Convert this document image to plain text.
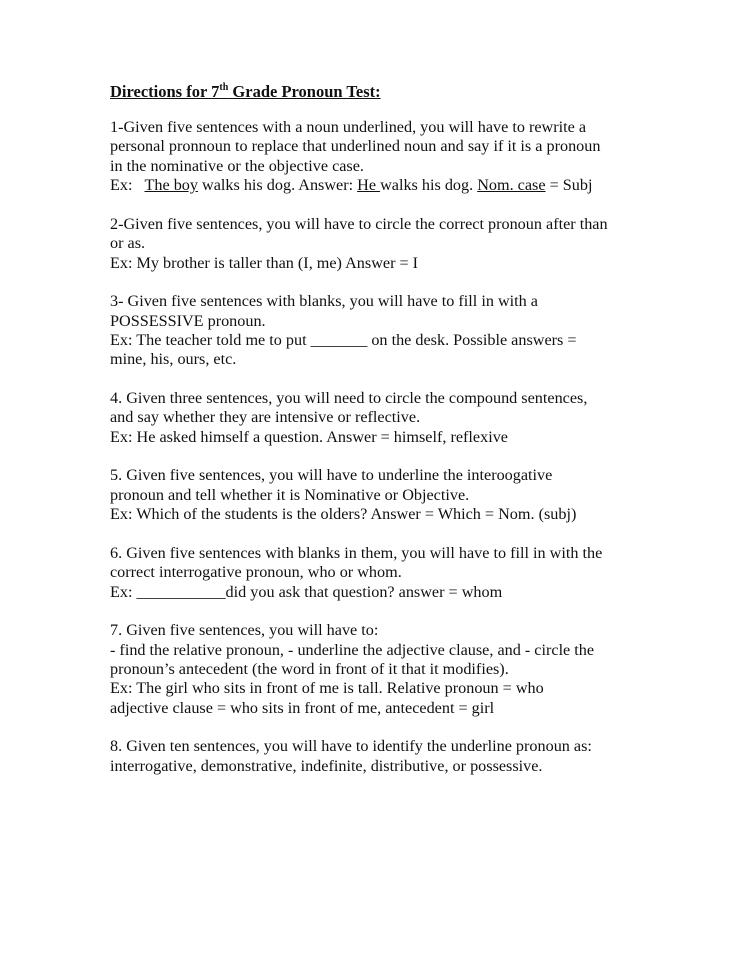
Directions for 7th Grade Pronoun Test:
1-Given five sentences with a noun underlined, you will have to rewrite a
personal pronnoun to replace that underlined noun and say if it is a pronoun
in the nominative or the objective case.
Ex: The boy walks his dog. Answer: He walks his dog. Nom. case = Subj
2-Given five sentences, you will have to circle the correct pronoun after than
or as.
Ex: My brother is taller than (I, me) Answer = I
3- Given five sentences with blanks, you will have to fill in with a
POSSESSIVE pronoun.
Ex: The teacher told me to put _______ on the desk. Possible answers =
mine, his, ours, etc.
4. Given three sentences, you will need to circle the compound sentences,
and say whether they are intensive or reflective.
Ex: He asked himself a question. Answer = himself, reflexive
5. Given five sentences, you will have to underline the interoogative
pronoun and tell whether it is Nominative or Objective.
Ex: Which of the students is the olders? Answer = Which = Nom. (subj)
6. Given five sentences with blanks in them, you will have to fill in with the
correct interrogative pronoun, who or whom.
Ex: ___________did you ask that question? answer = whom
7. Given five sentences, you will have to:
- find the relative pronoun, - underline the adjective clause, and - circle the
pronoun’s antecedent (the word in front of it that it modifies).
Ex: The girl who sits in front of me is tall. Relative pronoun = who
adjective clause = who sits in front of me, antecedent = girl
8. Given ten sentences, you will have to identify the underline pronoun as:
interrogative, demonstrative, indefinite, distributive, or possessive.
